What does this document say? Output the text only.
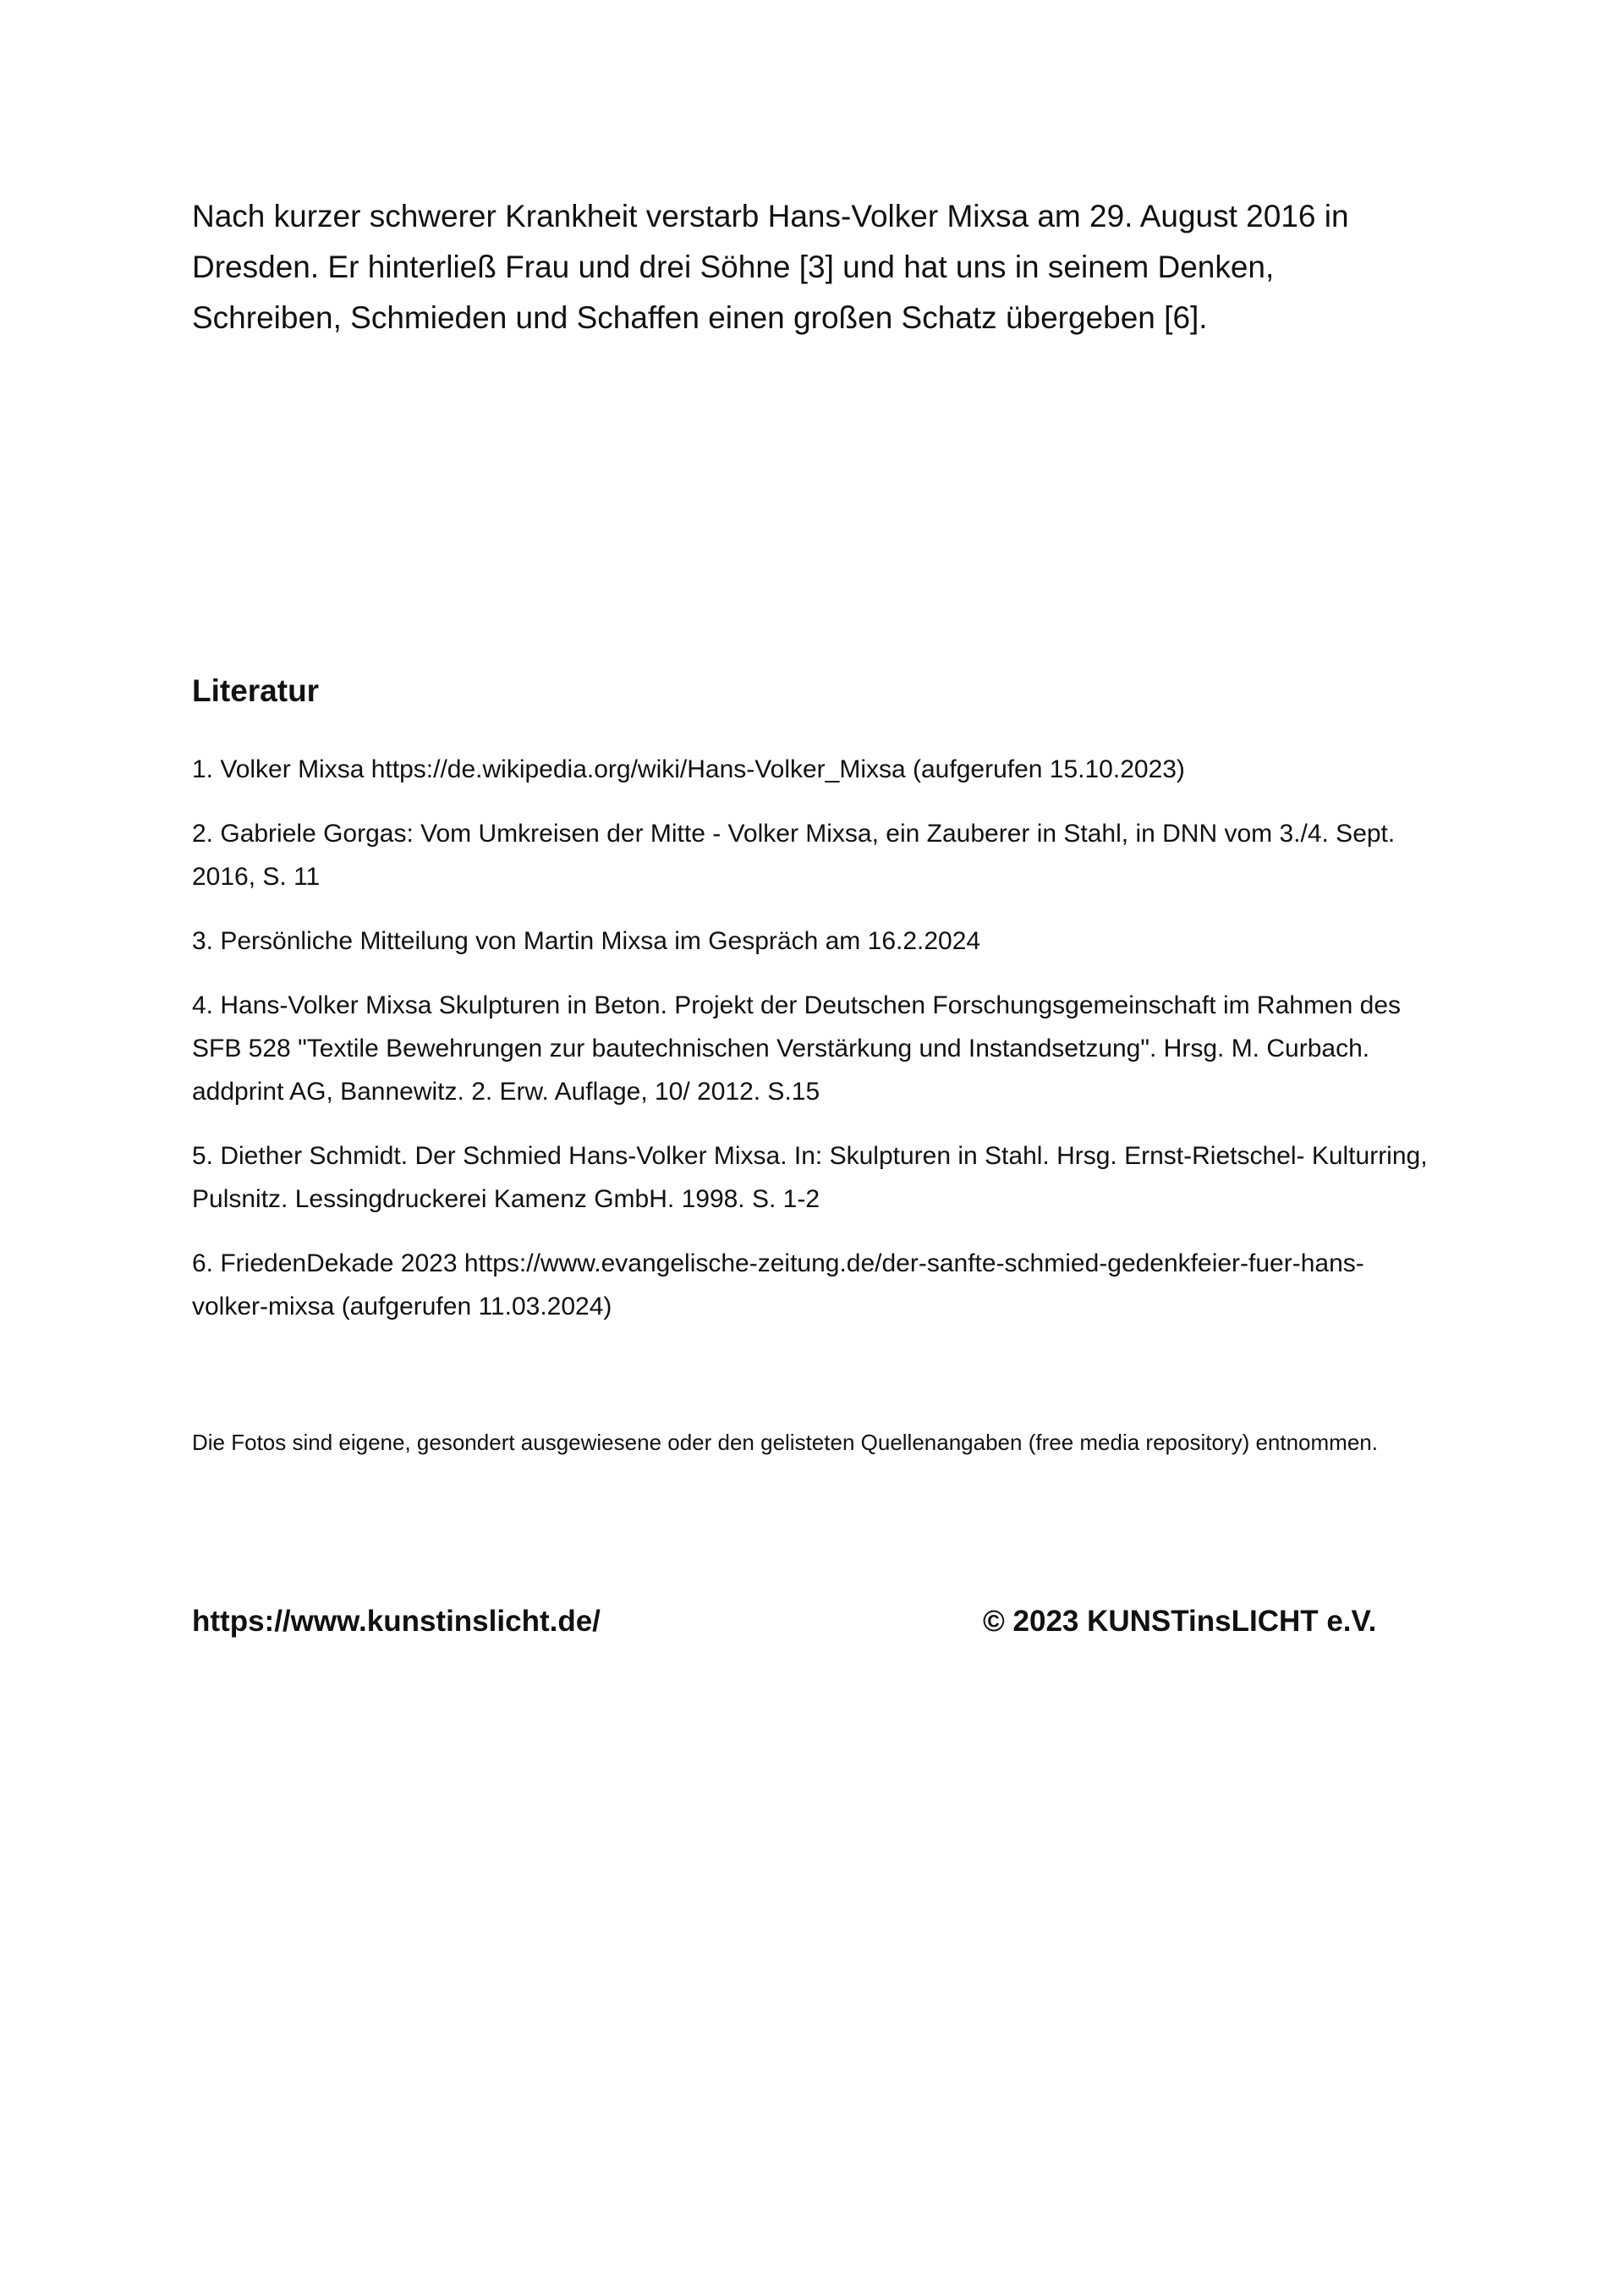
Nach kurzer schwerer Krankheit verstarb Hans-Volker Mixsa am 29. August 2016 in Dresden. Er hinterließ Frau und drei Söhne [3] und hat uns in seinem Denken, Schreiben, Schmieden und Schaffen einen großen Schatz übergeben [6].

Literatur
1. Volker Mixsa https://de.wikipedia.org/wiki/Hans-Volker_Mixsa (aufgerufen 15.10.2023)
2. Gabriele Gorgas: Vom Umkreisen der Mitte - Volker Mixsa, ein Zauberer in Stahl, in DNN vom 3./4. Sept. 2016, S. 11
3. Persönliche Mitteilung von Martin Mixsa im Gespräch am 16.2.2024
4. Hans-Volker Mixsa Skulpturen in Beton. Projekt der Deutschen Forschungsgemeinschaft im Rahmen des SFB 528 "Textile Bewehrungen zur bautechnischen Verstärkung und Instandsetzung". Hrsg. M. Curbach. addprint AG, Bannewitz. 2. Erw. Auflage, 10/ 2012. S.15
5. Diether Schmidt. Der Schmied Hans-Volker Mixsa. In: Skulpturen in Stahl. Hrsg. Ernst-Rietschel- Kulturring, Pulsnitz. Lessingdruckerei Kamenz GmbH. 1998. S. 1-2
6. FriedenDekade 2023 https://www.evangelische-zeitung.de/der-sanfte-schmied-gedenkfeier-fuer-hans-volker-mixsa (aufgerufen 11.03.2024)

Die Fotos sind eigene, gesondert ausgewiesene oder den gelisteten Quellenangaben (free media repository) entnommen.

https://www.kunstinslicht.de/	© 2023 KUNSTinsLICHT e.V.
